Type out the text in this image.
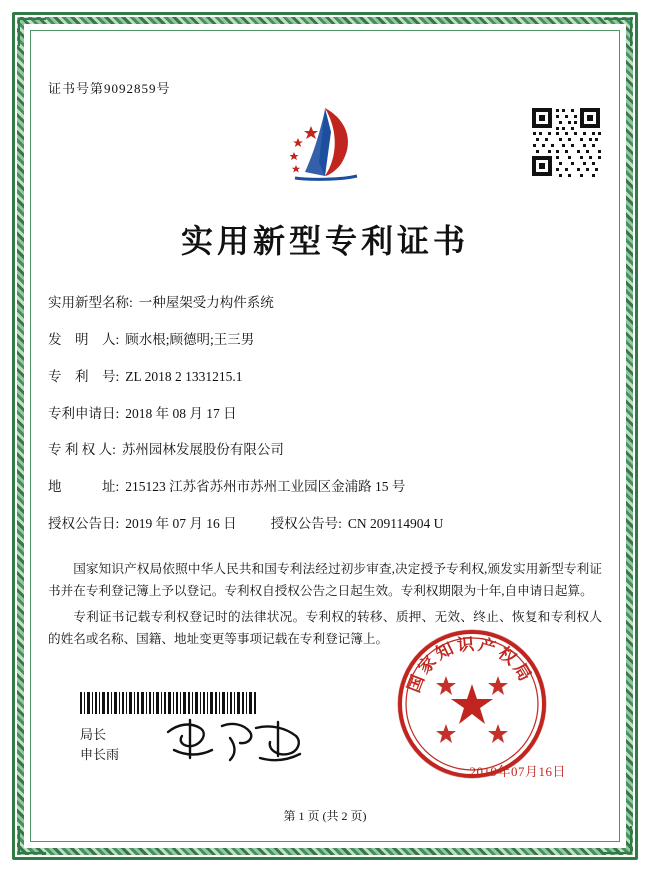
证书号第9092859号
实用新型专利证书
实用新型名称: 一种屋架受力构件系统
发　明　人: 顾水根;顾德明;王三男
专　利　号: ZL 2018 2 1331215.1
专利申请日: 2018 年 08 月 17 日
专 利 权 人: 苏州园林发展股份有限公司
地　　　址: 215123 江苏省苏州市苏州工业园区金浦路 15 号
授权公告日: 2019 年 07 月 16 日	授权公告号: CN 209114904 U

国家知识产权局依照中华人民共和国专利法经过初步审查,决定授予专利权,颁发实用新型专利证书并在专利登记簿上予以登记。专利权自授权公告之日起生效。专利权期限为十年,自申请日起算。

专利证书记载专利权登记时的法律状况。专利权的转移、质押、无效、终止、恢复和专利权人的姓名或名称、国籍、地址变更等事项记载在专利登记簿上。

局长
申长雨
国家知识产权局
2019年07月16日
第 1 页 (共 2 页)
